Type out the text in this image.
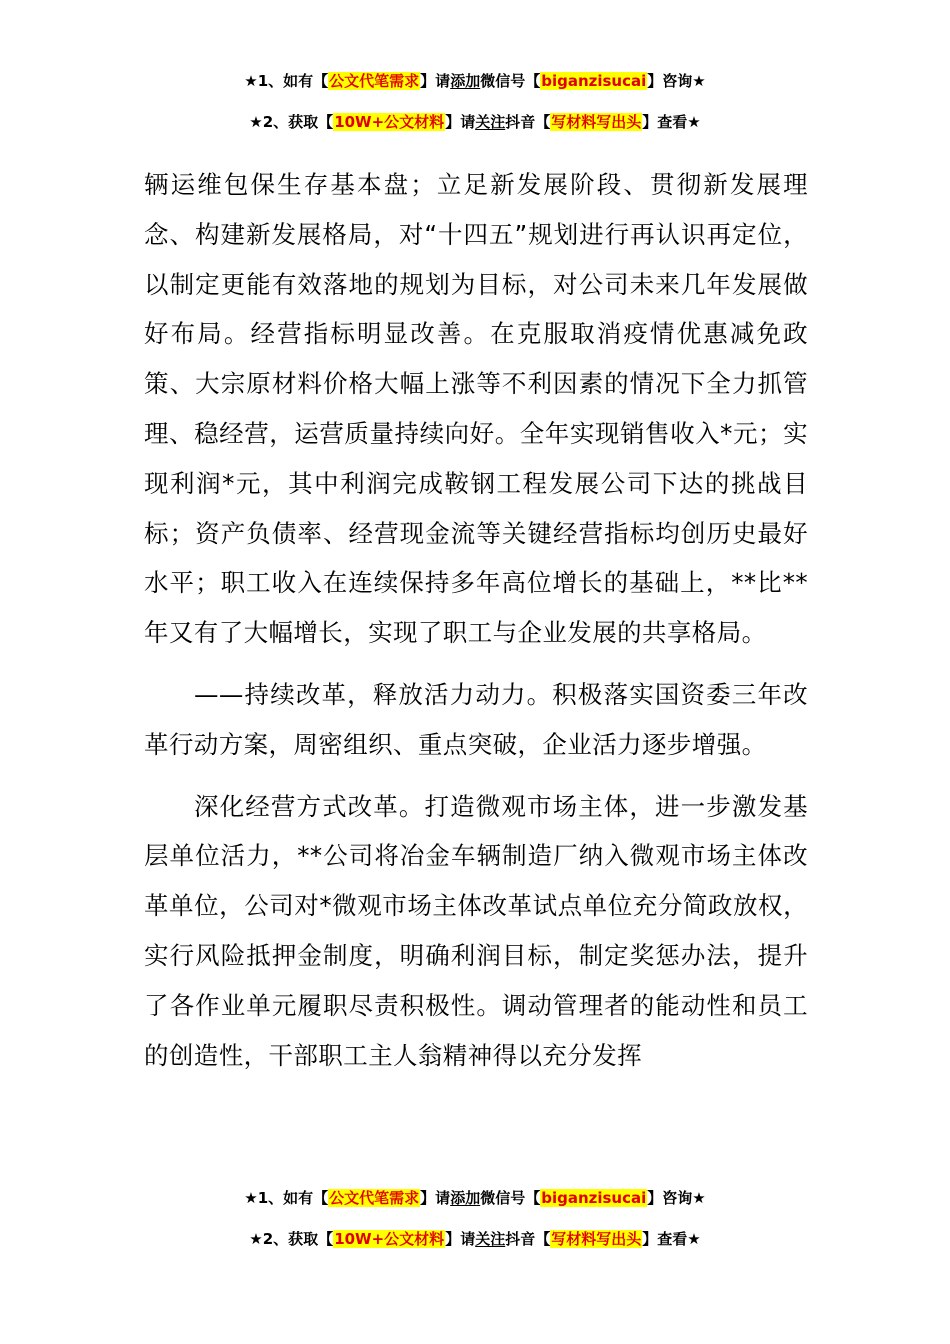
★1、如有【公文代笔需求】请添加微信号【biganzisucai】咨询★
★2、获取【10W+公文材料】请关注抖音【写材料写出头】查看★

辆运维包保生存基本盘；立足新发展阶段、贯彻新发展理念、构建新发展格局，对“十四五”规划进行再认识再定位，以制定更能有效落地的规划为目标，对公司未来几年发展做好布局。经营指标明显改善。在克服取消疫情优惠减免政策、大宗原材料价格大幅上涨等不利因素的情况下全力抓管理、稳经营，运营质量持续向好。全年实现销售收入*元；实现利润*元，其中利润完成鞍钢工程发展公司下达的挑战目标；资产负债率、经营现金流等关键经营指标均创历史最好水平；职工收入在连续保持多年高位增长的基础上，**比**年又有了大幅增长，实现了职工与企业发展的共享格局。

——持续改革，释放活力动力。积极落实国资委三年改革行动方案，周密组织、重点突破，企业活力逐步增强。

深化经营方式改革。打造微观市场主体，进一步激发基层单位活力，**公司将冶金车辆制造厂纳入微观市场主体改革单位，公司对*微观市场主体改革试点单位充分简政放权，实行风险抵押金制度，明确利润目标，制定奖惩办法，提升了各作业单元履职尽责积极性。调动管理者的能动性和员工的创造性，干部职工主人翁精神得以充分发挥

★1、如有【公文代笔需求】请添加微信号【biganzisucai】咨询★
★2、获取【10W+公文材料】请关注抖音【写材料写出头】查看★
